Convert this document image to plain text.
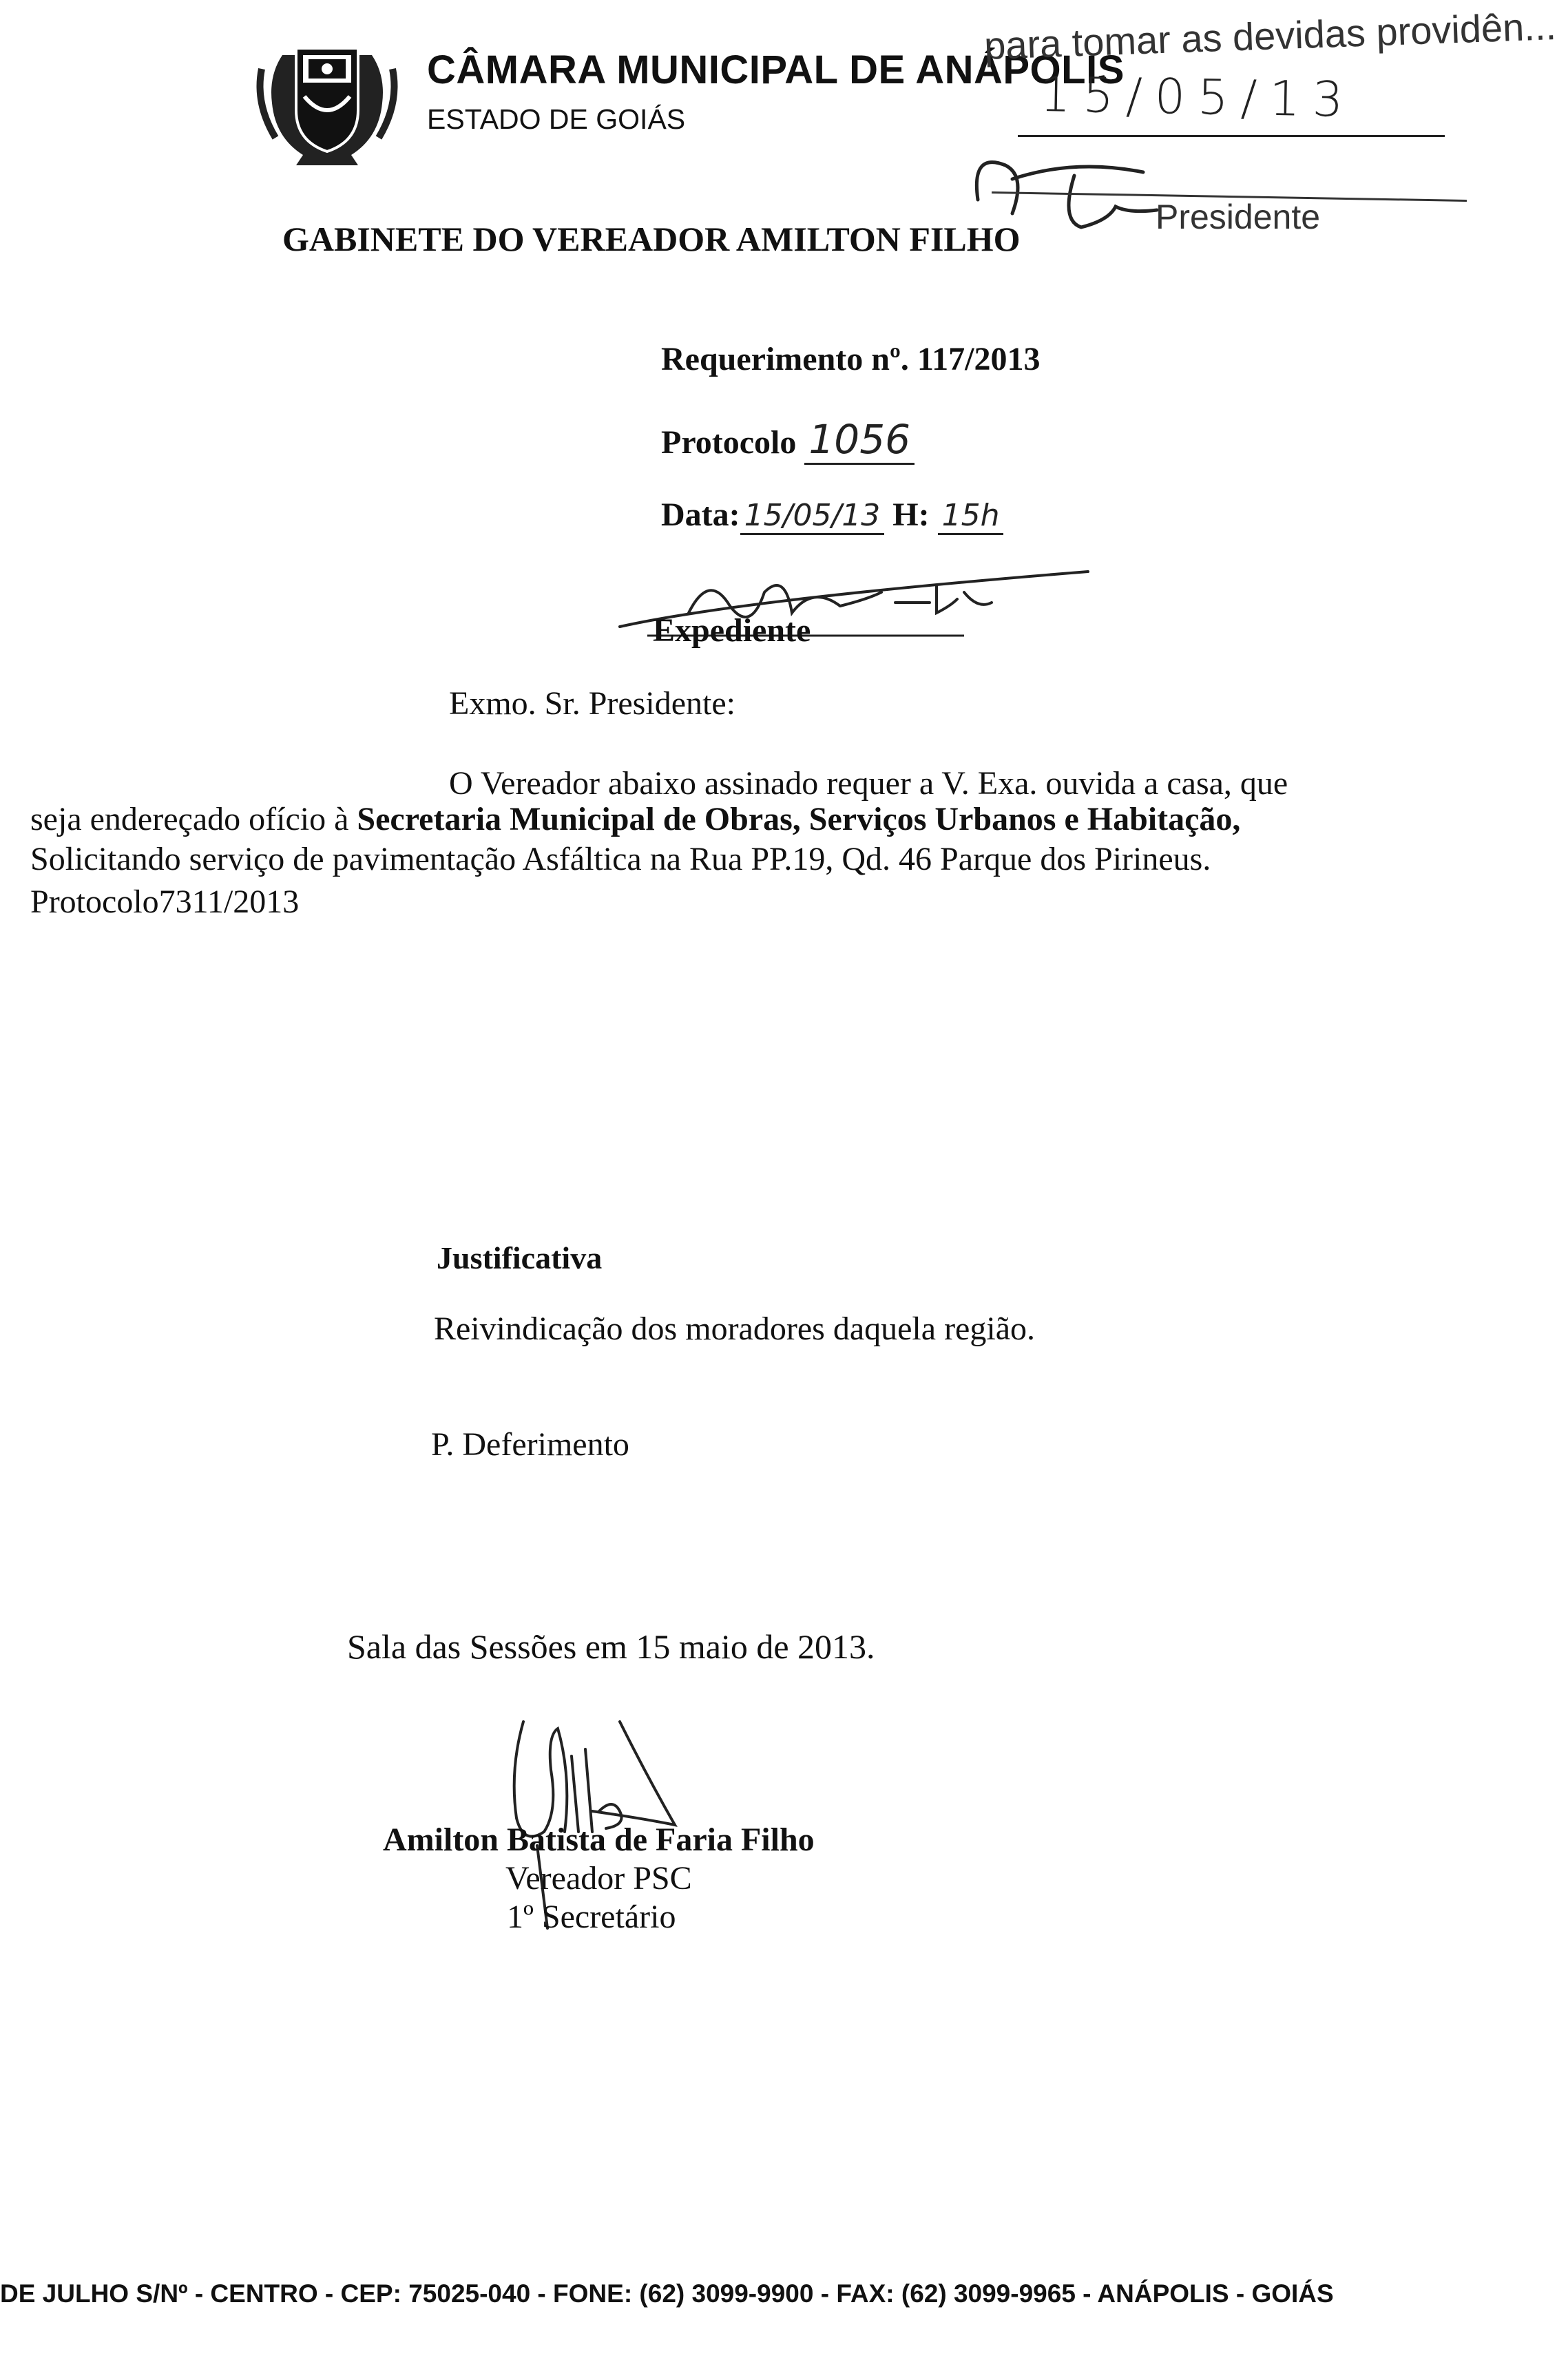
CÂMARA MUNICIPAL DE ANÁPOLIS
ESTADO DE GOIÁS
GABINETE DO VEREADOR AMILTON FILHO
para tomar as devidas providên...
15/05/13
Presidente
Requerimento nº. 117/2013
Protocolo 1056
Data: 15/05/13 H: 15h
Expediente
Exmo. Sr. Presidente:
O Vereador abaixo assinado requer a V. Exa. ouvida a casa, que
seja endereçado ofício à Secretaria Municipal de Obras, Serviços Urbanos e Habitação,
Solicitando serviço de pavimentação Asfáltica na Rua PP.19, Qd. 46 Parque dos Pirineus.
Protocolo7311/2013
Justificativa
Reivindicação dos moradores daquela região.
P. Deferimento
Sala das Sessões em 15 maio de 2013.
Amilton Batista de Faria Filho
Vereador PSC
1º Secretário
DE JULHO S/Nº - CENTRO - CEP: 75025-040 - FONE: (62) 3099-9900 - FAX: (62) 3099-9965 - ANÁPOLIS - GOIÁS
